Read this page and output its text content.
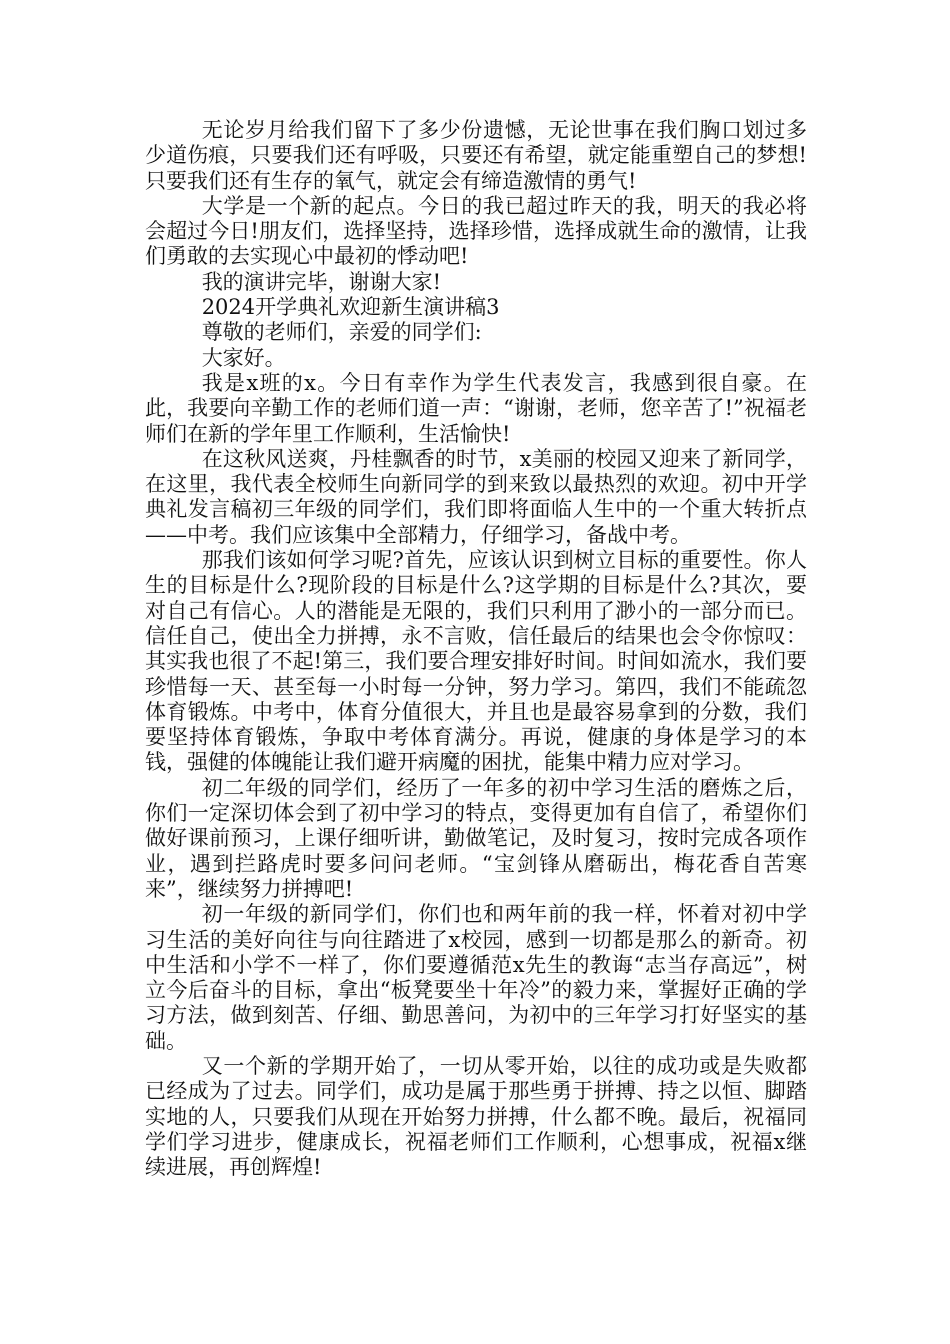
无论岁月给我们留下了多少份遗憾，无论世事在我们胸口划过多少道伤痕，只要我们还有呼吸，只要还有希望，就定能重塑自己的梦想!只要我们还有生存的氧气，就定会有缔造激情的勇气!

大学是一个新的起点。今日的我已超过昨天的我，明天的我必将会超过今日!朋友们，选择坚持，选择珍惜，选择成就生命的激情，让我们勇敢的去实现心中最初的悸动吧!

我的演讲完毕，谢谢大家!

2024开学典礼欢迎新生演讲稿3

尊敬的老师们，亲爱的同学们:

大家好。

我是x班的x。今日有幸作为学生代表发言，我感到很自豪。在此，我要向辛勤工作的老师们道一声：“谢谢，老师，您辛苦了!”祝福老师们在新的学年里工作顺利，生活愉快!

在这秋风送爽，丹桂飘香的时节，x美丽的校园又迎来了新同学，在这里，我代表全校师生向新同学的到来致以最热烈的欢迎。初中开学典礼发言稿初三年级的同学们，我们即将面临人生中的一个重大转折点——中考。我们应该集中全部精力，仔细学习，备战中考。

那我们该如何学习呢?首先，应该认识到树立目标的重要性。你人生的目标是什么?现阶段的目标是什么?这学期的目标是什么?其次，要对自己有信心。人的潜能是无限的，我们只利用了渺小的一部分而已。信任自己，使出全力拼搏，永不言败，信任最后的结果也会令你惊叹：其实我也很了不起!第三，我们要合理安排好时间。时间如流水，我们要珍惜每一天、甚至每一小时每一分钟，努力学习。第四，我们不能疏忽体育锻炼。中考中，体育分值很大，并且也是最容易拿到的分数，我们要坚持体育锻炼，争取中考体育满分。再说，健康的身体是学习的本钱，强健的体魄能让我们避开病魔的困扰，能集中精力应对学习。

初二年级的同学们，经历了一年多的初中学习生活的磨炼之后，你们一定深切体会到了初中学习的特点，变得更加有自信了，希望你们做好课前预习，上课仔细听讲，勤做笔记，及时复习，按时完成各项作业，遇到拦路虎时要多问问老师。“宝剑锋从磨砺出，梅花香自苦寒来”，继续努力拼搏吧!

初一年级的新同学们，你们也和两年前的我一样，怀着对初中学习生活的美好向往与向往踏进了x校园，感到一切都是那么的新奇。初中生活和小学不一样了，你们要遵循范x先生的教诲“志当存高远”，树立今后奋斗的目标，拿出“板凳要坐十年冷”的毅力来，掌握好正确的学习方法，做到刻苦、仔细、勤思善问，为初中的三年学习打好坚实的基础。

又一个新的学期开始了，一切从零开始，以往的成功或是失败都已经成为了过去。同学们，成功是属于那些勇于拼搏、持之以恒、脚踏实地的人，只要我们从现在开始努力拼搏，什么都不晚。最后，祝福同学们学习进步，健康成长，祝福老师们工作顺利，心想事成，祝福x继续进展，再创辉煌!
